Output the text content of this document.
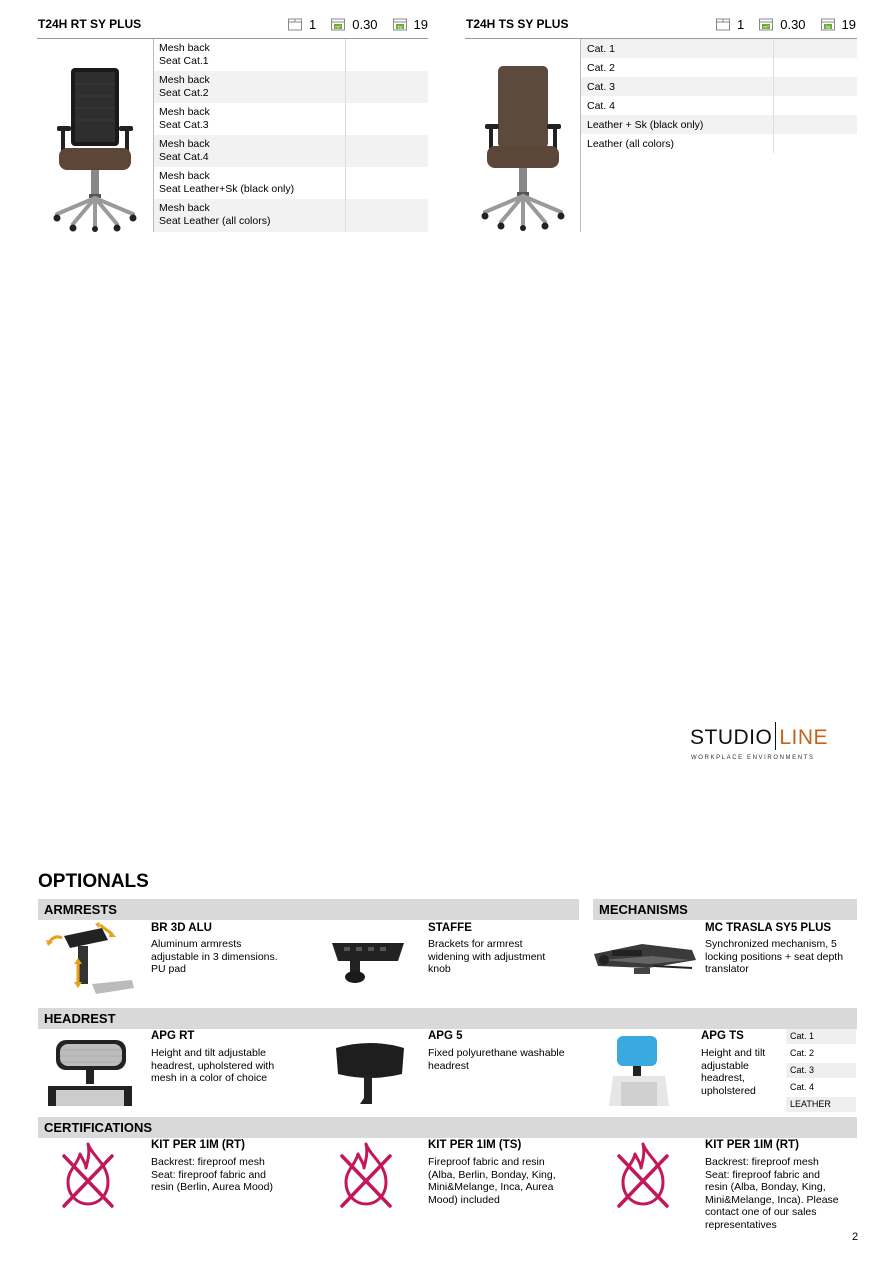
T24H RT SY PLUS	1	m³ 0.30	kg 19
Mesh back
Seat Cat.1
Mesh back
Seat Cat.2
Mesh back
Seat Cat.3
Mesh back
Seat Cat.4
Mesh back
Seat Leather+Sk (black only)
Mesh back
Seat Leather (all colors)
T24H TS SY PLUS	1	m³ 0.30	kg 19
Cat. 1
Cat. 2
Cat. 3
Cat. 4
Leather + Sk (black only)
Leather (all colors)
STUDIO LINE
WORKPLACE ENVIRONMENTS
OPTIONALS
ARMRESTS	MECHANISMS
BR 3D ALU
Aluminum armrests
adjustable in 3 dimensions.
PU pad
STAFFE
Brackets for armrest
widening with adjustment
knob
MC TRASLA SY5 PLUS
Synchronized mechanism, 5
locking positions + seat depth
translator
HEADREST
APG RT
Height and tilt adjustable
headrest, upholstered with
mesh in a color of choice
APG 5
Fixed polyurethane washable
headrest
APG TS
Height and tilt
adjustable
headrest,
upholstered
Cat. 1
Cat. 2
Cat. 3
Cat. 4
LEATHER
CERTIFICATIONS
KIT PER 1IM (RT)
Backrest: fireproof mesh
Seat: fireproof fabric and
resin (Berlin, Aurea Mood)
KIT PER 1IM (TS)
Fireproof fabric and resin
(Alba, Berlin, Bonday, King,
Mini&Melange, Inca, Aurea
Mood) included
KIT PER 1IM (RT)
Backrest: fireproof mesh
Seat: fireproof fabric and
resin (Alba, Bonday, King,
Mini&Melange, Inca). Please
contact one of our sales
representatives
2
